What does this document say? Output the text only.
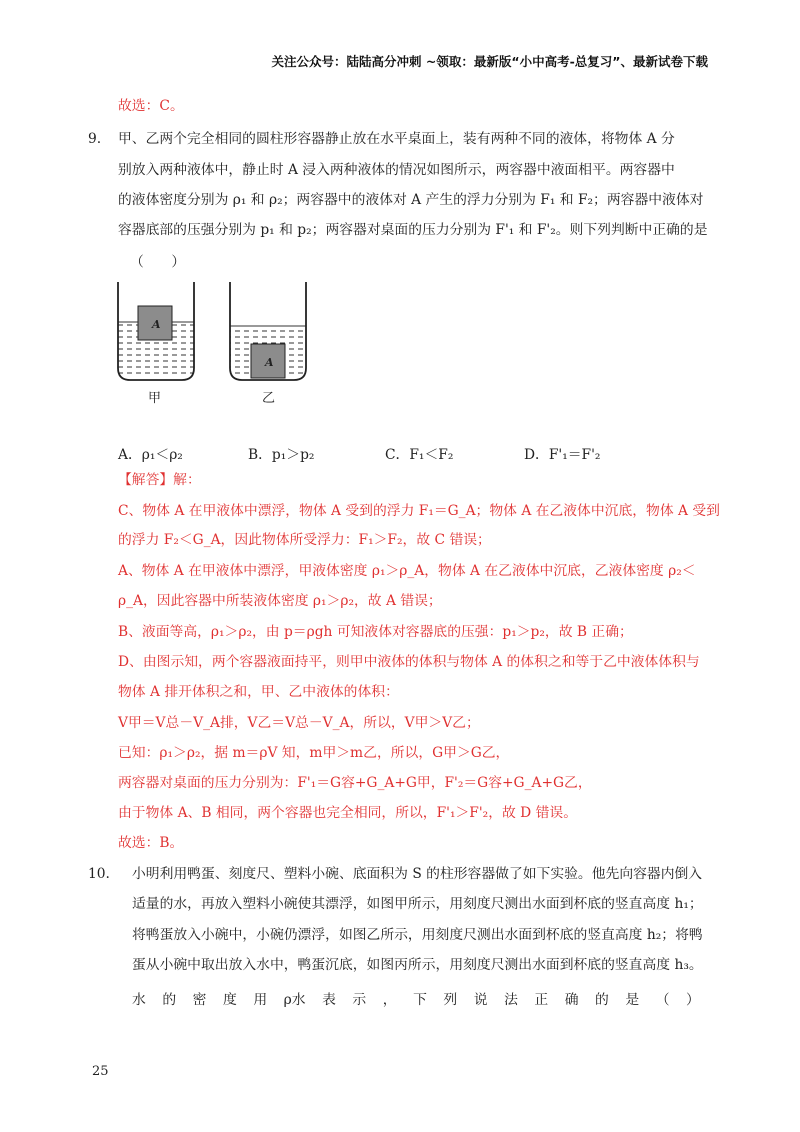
关注公众号：陆陆高分冲刺 ~领取：最新版“小中高考-总复习”、最新试卷下载
故选：C。
9. 甲、乙两个完全相同的圆柱形容器静止放在水平桌面上，装有两种不同的液体，将物体 A 分
别放入两种液体中，静止时 A 浸入两种液体的情况如图所示，两容器中液面相平。两容器中
的液体密度分别为 ρ₁ 和 ρ₂；两容器中的液体对 A 产生的浮力分别为 F₁ 和 F₂；两容器中液体对
容器底部的压强分别为 p₁ 和 p₂；两容器对桌面的压力分别为 F'₁ 和 F'₂。则下列判断中正确的是
（　　）
A
A
甲	乙
A．ρ₁＜ρ₂	B．p₁＞p₂	C．F₁＜F₂	D．F'₁＝F'₂
【解答】解：
C、物体 A 在甲液体中漂浮，物体 A 受到的浮力 F₁＝G_A；物体 A 在乙液体中沉底，物体 A 受到
的浮力 F₂＜G_A，因此物体所受浮力：F₁＞F₂，故 C 错误；
A、物体 A 在甲液体中漂浮，甲液体密度 ρ₁＞ρ_A，物体 A 在乙液体中沉底，乙液体密度 ρ₂＜
ρ_A，因此容器中所装液体密度 ρ₁＞ρ₂，故 A 错误；
B、液面等高，ρ₁＞ρ₂，由 p＝ρgh 可知液体对容器底的压强：p₁＞p₂，故 B 正确；
D、由图示知，两个容器液面持平，则甲中液体的体积与物体 A 的体积之和等于乙中液体体积与
物体 A 排开体积之和，甲、乙中液体的体积：
V甲＝V总－V_A排，V乙＝V总－V_A，所以，V甲＞V乙；
已知：ρ₁＞ρ₂，据 m＝ρV 知，m甲＞m乙，所以，G甲＞G乙，
两容器对桌面的压力分别为：F'₁＝G容+G_A+G甲，F'₂＝G容+G_A+G乙，
由于物体 A、B 相同，两个容器也完全相同，所以，F'₁＞F'₂，故 D 错误。
故选：B。
10. 小明利用鸭蛋、刻度尺、塑料小碗、底面积为 S 的柱形容器做了如下实验。他先向容器内倒入
适量的水，再放入塑料小碗使其漂浮，如图甲所示，用刻度尺测出水面到杯底的竖直高度 h₁；
将鸭蛋放入小碗中，小碗仍漂浮，如图乙所示，用刻度尺测出水面到杯底的竖直高度 h₂；将鸭
蛋从小碗中取出放入水中，鸭蛋沉底，如图丙所示，用刻度尺测出水面到杯底的竖直高度 h₃。
水 的 密 度 用 ρ水 表 示 ， 下 列 说 法 正 确 的 是 （ ）
25
